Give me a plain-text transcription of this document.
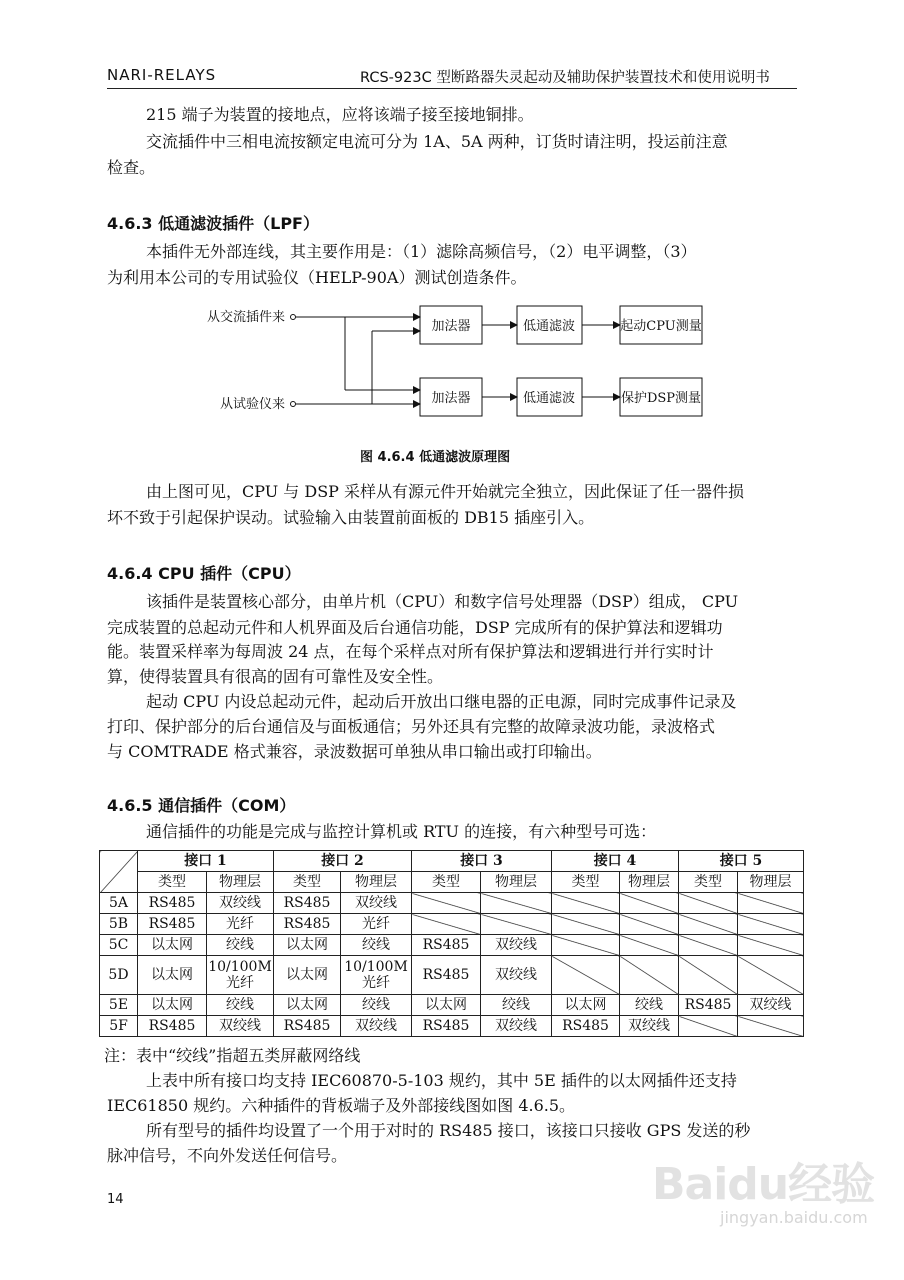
NARI-RELAYS	RCS-923C 型断路器失灵起动及辅助保护装置技术和使用说明书
215 端子为装置的接地点，应将该端子接至接地铜排。
交流插件中三相电流按额定电流可分为 1A、5A 两种，订货时请注明，投运前注意
检查。
4.6.3 低通滤波插件（LPF）
本插件无外部连线，其主要作用是：（1）滤除高频信号，（2）电平调整，（3）
为利用本公司的专用试验仪（HELP-90A）测试创造条件。
从交流插件来
从试验仪来
加法器	低通滤波	起动CPU测量
加法器	低通滤波	保护DSP测量
图 4.6.4 低通滤波原理图
由上图可见，CPU 与 DSP 采样从有源元件开始就完全独立，因此保证了任一器件损
坏不致于引起保护误动。试验输入由装置前面板的 DB15 插座引入。
4.6.4 CPU 插件（CPU）
该插件是装置核心部分，由单片机（CPU）和数字信号处理器（DSP）组成， CPU
完成装置的总起动元件和人机界面及后台通信功能，DSP 完成所有的保护算法和逻辑功
能。装置采样率为每周波 24 点，在每个采样点对所有保护算法和逻辑进行并行实时计
算，使得装置具有很高的固有可靠性及安全性。
起动 CPU 内设总起动元件，起动后开放出口继电器的正电源，同时完成事件记录及
打印、保护部分的后台通信及与面板通信；另外还具有完整的故障录波功能，录波格式
与 COMTRADE 格式兼容，录波数据可单独从串口输出或打印输出。
4.6.5 通信插件（COM）
通信插件的功能是完成与监控计算机或 RTU 的连接，有六种型号可选：
	接口 1		接口 2		接口 3		接口 4		接口 5	
	类型	物理层	类型	物理层	类型	物理层	类型	物理层	类型	物理层
5A	RS485	双绞线	RS485	双绞线						
5B	RS485	光纤	RS485	光纤						
5C	以太网	绞线	以太网	绞线	RS485	双绞线				
5D	以太网	10/100M
光纤	以太网	10/100M
光纤	RS485	双绞线				
5E	以太网	绞线	以太网	绞线	以太网	绞线	以太网	绞线	RS485	双绞线
5F	RS485	双绞线	RS485	双绞线	RS485	双绞线	RS485	双绞线		
注：表中“绞线”指超五类屏蔽网络线
上表中所有接口均支持 IEC60870-5-103 规约，其中 5E 插件的以太网插件还支持
IEC61850 规约。六种插件的背板端子及外部接线图如图 4.6.5。
所有型号的插件均设置了一个用于对时的 RS485 接口，该接口只接收 GPS 发送的秒
脉冲信号，不向外发送任何信号。
14	Baidu经验
jingyan.baidu.com
